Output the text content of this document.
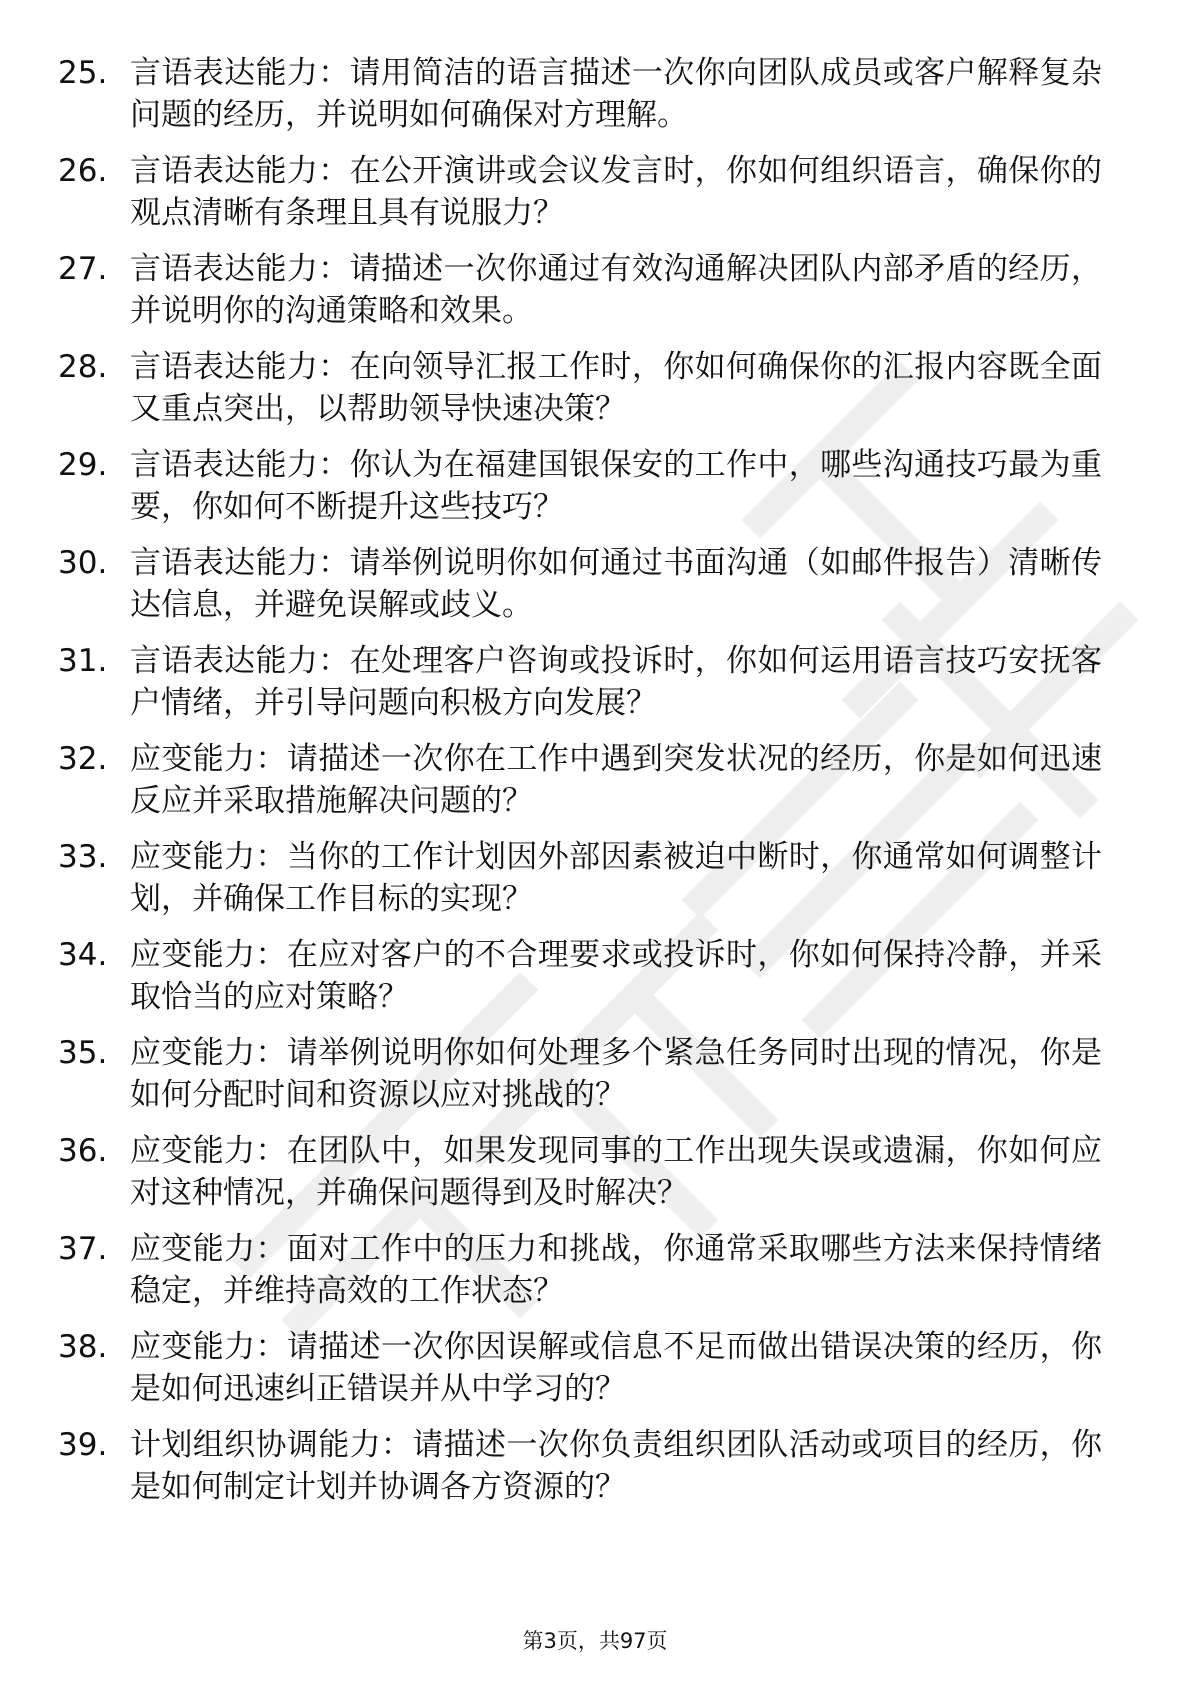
25. 言语表达能力：请用简洁的语言描述一次你向团队成员或客户解释复杂问题的经历，并说明如何确保对方理解。
26. 言语表达能力：在公开演讲或会议发言时，你如何组织语言，确保你的观点清晰有条理且具有说服力？
27. 言语表达能力：请描述一次你通过有效沟通解决团队内部矛盾的经历，并说明你的沟通策略和效果。
28. 言语表达能力：在向领导汇报工作时，你如何确保你的汇报内容既全面又重点突出，以帮助领导快速决策？
29. 言语表达能力：你认为在福建国银保安的工作中，哪些沟通技巧最为重要，你如何不断提升这些技巧？
30. 言语表达能力：请举例说明你如何通过书面沟通（如邮件报告）清晰传达信息，并避免误解或歧义。
31. 言语表达能力：在处理客户咨询或投诉时，你如何运用语言技巧安抚客户情绪，并引导问题向积极方向发展？
32. 应变能力：请描述一次你在工作中遇到突发状况的经历，你是如何迅速反应并采取措施解决问题的？
33. 应变能力：当你的工作计划因外部因素被迫中断时，你通常如何调整计划，并确保工作目标的实现？
34. 应变能力：在应对客户的不合理要求或投诉时，你如何保持冷静，并采取恰当的应对策略？
35. 应变能力：请举例说明你如何处理多个紧急任务同时出现的情况，你是如何分配时间和资源以应对挑战的？
36. 应变能力：在团队中，如果发现同事的工作出现失误或遗漏，你如何应对这种情况，并确保问题得到及时解决？
37. 应变能力：面对工作中的压力和挑战，你通常采取哪些方法来保持情绪稳定，并维持高效的工作状态？
38. 应变能力：请描述一次你因误解或信息不足而做出错误决策的经历，你是如何迅速纠正错误并从中学习的？
39. 计划组织协调能力：请描述一次你负责组织团队活动或项目的经历，你是如何制定计划并协调各方资源的？
第3页，共97页
